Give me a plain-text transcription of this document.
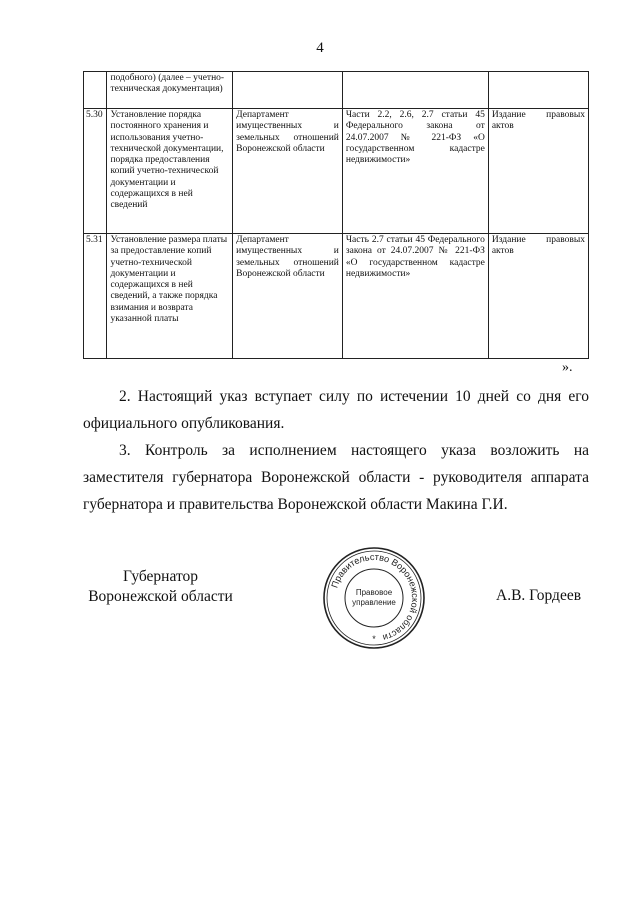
4
	подобного) (далее – учетно-техническая документация)			
5.30	Установление порядка постоянного хранения и использования учетно-технической документации, порядка предоставления копий учетно-технической документации и содержащихся в ней сведений	Департамент имущественных и земельных отношений Воронежской области	Части 2.2, 2.6, 2.7 статьи 45 Федерального закона от 24.07.2007 № 221-ФЗ «О государственном кадастре недвижимости»	Издание правовых актов
5.31	Установление размера платы за предоставление копий учетно-технической документации и содержащихся в ней сведений, а также порядка взимания и возврата указанной платы	Департамент имущественных и земельных отношений Воронежской области	Часть 2.7 статьи 45 Федерального закона от 24.07.2007 № 221-ФЗ «О государственном кадастре недвижимости»	Издание правовых актов
».
2. Настоящий указ вступает силу по истечении 10 дней со дня его
официального опубликования.
3. Контроль за исполнением настоящего указа возложить на
заместителя губернатора Воронежской области - руководителя аппарата
губернатора и правительства Воронежской области Макина Г.И.
Губернатор
Воронежской области
Правительство Воронежской области
Правовое
управление
*
А.В. Гордеев
